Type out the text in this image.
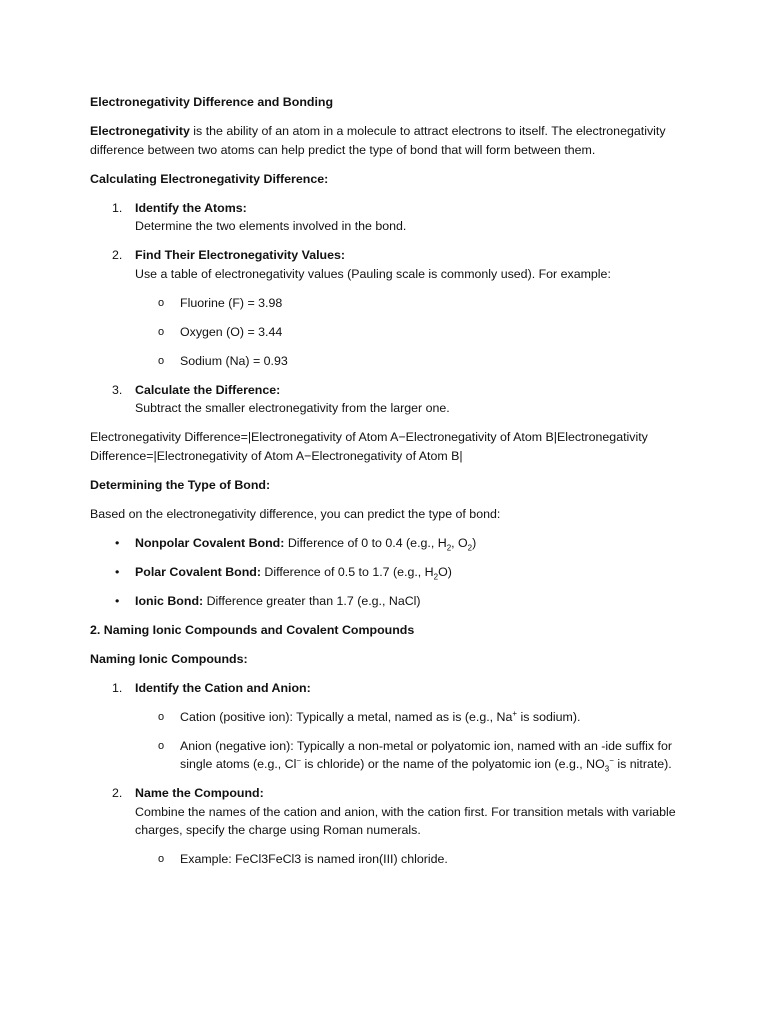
Electronegativity Difference and Bonding

Electronegativity is the ability of an atom in a molecule to attract electrons to itself. The electronegativity difference between two atoms can help predict the type of bond that will form between them.

Calculating Electronegativity Difference:

1. Identify the Atoms:
Determine the two elements involved in the bond.
2. Find Their Electronegativity Values:
Use a table of electronegativity values (Pauling scale is commonly used). For example:
o Fluorine (F) = 3.98
o Oxygen (O) = 3.44
o Sodium (Na) = 0.93
3. Calculate the Difference:
Subtract the smaller electronegativity from the larger one.

Electronegativity Difference=|Electronegativity of Atom A−Electronegativity of Atom B|Electronegativity Difference=|Electronegativity of Atom A−Electronegativity of Atom B|

Determining the Type of Bond:

Based on the electronegativity difference, you can predict the type of bond:

• Nonpolar Covalent Bond: Difference of 0 to 0.4 (e.g., $H_2$, $O_2$)
• Polar Covalent Bond: Difference of 0.5 to 1.7 (e.g., $H_2O$)
• Ionic Bond: Difference greater than 1.7 (e.g., NaCl)

2. Naming Ionic Compounds and Covalent Compounds

Naming Ionic Compounds:

1. Identify the Cation and Anion:
o Cation (positive ion): Typically a metal, named as is (e.g., Na+ is sodium).
o Anion (negative ion): Typically a non-metal or polyatomic ion, named with an -ide suffix for single atoms (e.g., Cl− is chloride) or the name of the polyatomic ion (e.g., $NO_3^-$ is nitrate).
2. Name the Compound:
Combine the names of the cation and anion, with the cation first. For transition metals with variable charges, specify the charge using Roman numerals.
o Example: FeCl3FeCl3 is named iron(III) chloride.
